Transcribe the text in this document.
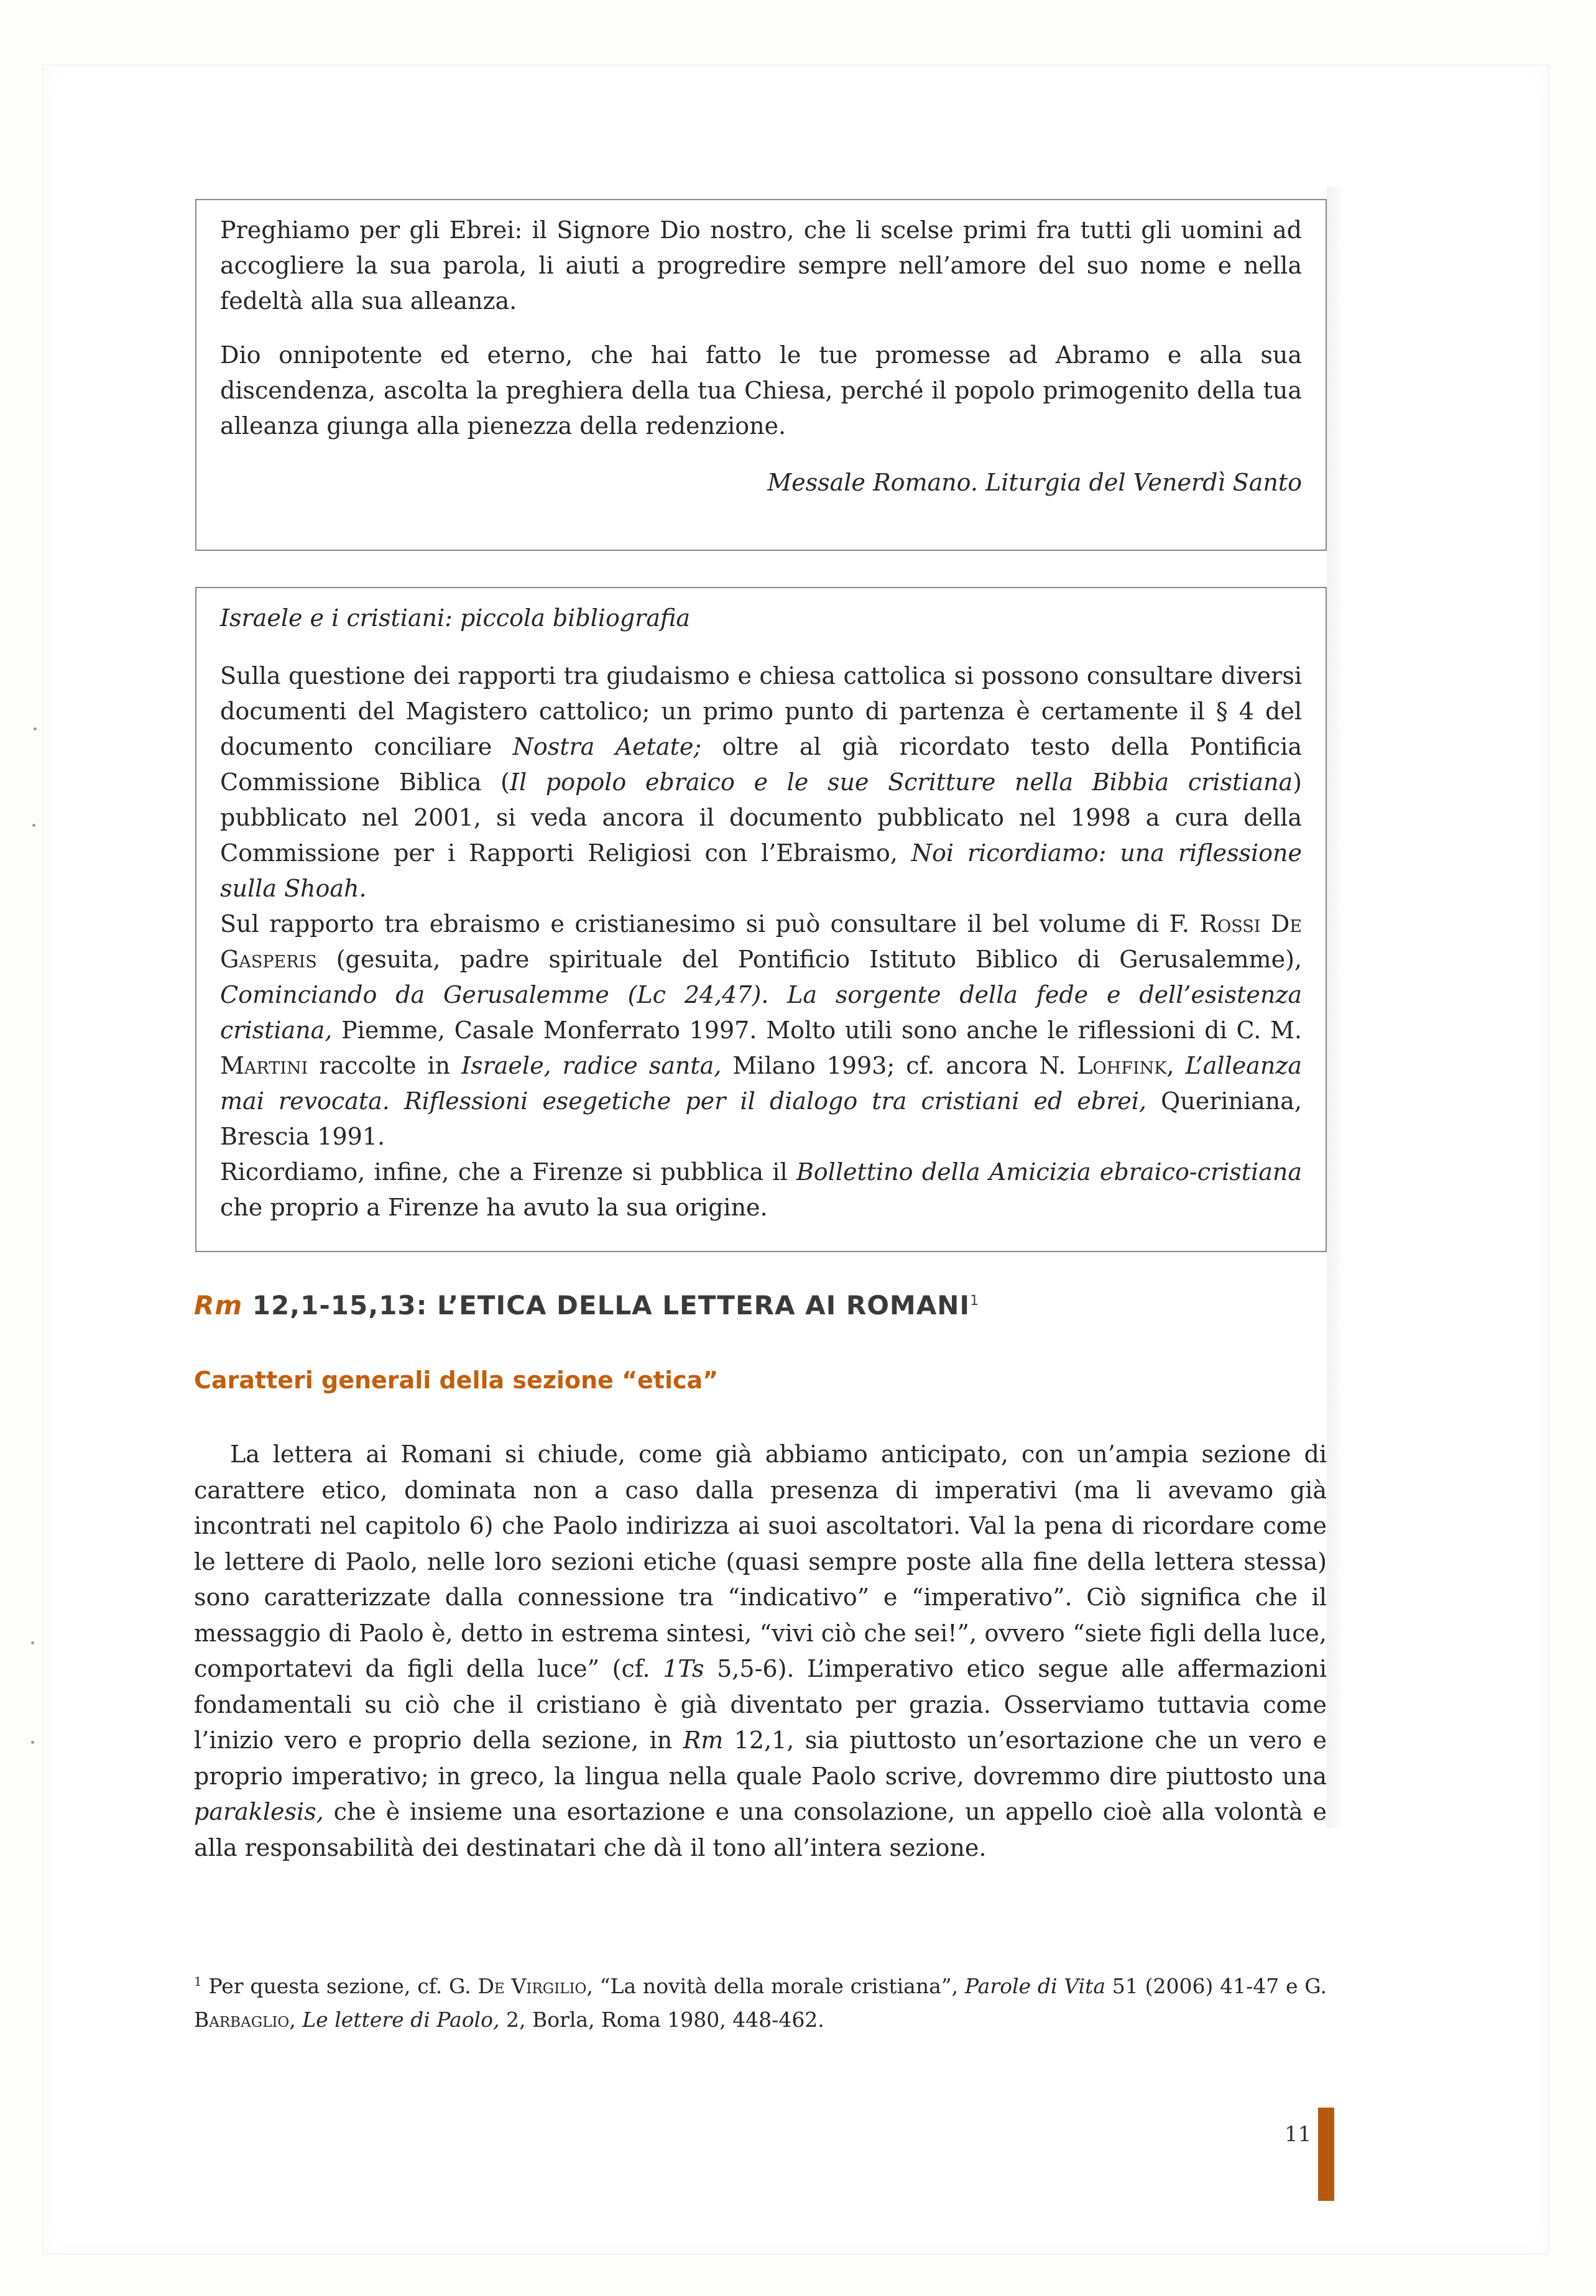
Preghiamo per gli Ebrei: il Signore Dio nostro, che li scelse primi fra tutti gli uomini ad accogliere la sua parola, li aiuti a progredire sempre nell’amore del suo nome e nella fedeltà alla sua alleanza.

Dio onnipotente ed eterno, che hai fatto le tue promesse ad Abramo e alla sua discendenza, ascolta la preghiera della tua Chiesa, perché il popolo primogenito della tua alleanza giunga alla pienezza della redenzione.

Messale Romano. Liturgia del Venerdì Santo

Israele e i cristiani: piccola bibliografia

Sulla questione dei rapporti tra giudaismo e chiesa cattolica si possono consultare diversi documenti del Magistero cattolico; un primo punto di partenza è certamente il § 4 del documento conciliare Nostra Aetate; oltre al già ricordato testo della Pontificia Commissione Biblica (Il popolo ebraico e le sue Scritture nella Bibbia cristiana) pubblicato nel 2001, si veda ancora il documento pubblicato nel 1998 a cura della Commissione per i Rapporti Religiosi con l’Ebraismo, Noi ricordiamo: una riflessione sulla Shoah.

Sul rapporto tra ebraismo e cristianesimo si può consultare il bel volume di F. Rossi De Gasperis (gesuita, padre spirituale del Pontificio Istituto Biblico di Gerusalemme), Cominciando da Gerusalemme (Lc 24,47). La sorgente della fede e dell’esistenza cristiana, Piemme, Casale Monferrato 1997. Molto utili sono anche le riflessioni di C. M. Martini raccolte in Israele, radice santa, Milano 1993; cf. ancora N. Lohfink, L’alleanza mai revocata. Riflessioni esegetiche per il dialogo tra cristiani ed ebrei, Queriniana, Brescia 1991.

Ricordiamo, infine, che a Firenze si pubblica il Bollettino della Amicizia ebraico-cristiana che proprio a Firenze ha avuto la sua origine.

Rm 12,1-15,13: L’ETICA DELLA LETTERA AI ROMANI$^1$
Caratteri generali della sezione “etica”

La lettera ai Romani si chiude, come già abbiamo anticipato, con un’ampia sezione di carattere etico, dominata non a caso dalla presenza di imperativi (ma li avevamo già incontrati nel capitolo 6) che Paolo indirizza ai suoi ascoltatori. Val la pena di ricordare come le lettere di Paolo, nelle loro sezioni etiche (quasi sempre poste alla fine della lettera stessa) sono caratterizzate dalla connessione tra “indicativo” e “imperativo”. Ciò significa che il messaggio di Paolo è, detto in estrema sintesi, “vivi ciò che sei!”, ovvero “siete figli della luce, comportatevi da figli della luce” (cf. 1Ts 5,5-6). L’imperativo etico segue alle affermazioni fondamentali su ciò che il cristiano è già diventato per grazia. Osserviamo tuttavia come l’inizio vero e proprio della sezione, in Rm 12,1, sia piuttosto un’esortazione che un vero e proprio imperativo; in greco, la lingua nella quale Paolo scrive, dovremmo dire piuttosto una paraklesis, che è insieme una esortazione e una consolazione, un appello cioè alla volontà e alla responsabilità dei destinatari che dà il tono all’intera sezione.

$^1$ Per questa sezione, cf. G. De Virgilio, “La novità della morale cristiana”, Parole di Vita 51 (2006) 41-47 e G. Barbaglio, Le lettere di Paolo, 2, Borla, Roma 1980, 448-462.

11
